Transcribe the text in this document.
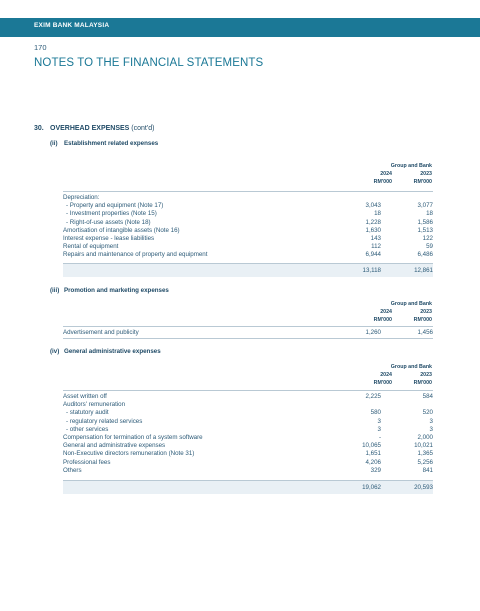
EXIM BANK MALAYSIA
170
NOTES TO THE FINANCIAL STATEMENTS
30. OVERHEAD EXPENSES (cont'd)
(ii) Establishment related expenses
Group and Bank
2024	2023
RM'000	RM'000
Depreciation:
- Property and equipment (Note 17)	3,043	3,077
- Investment properties (Note 15)	18	18
- Right-of-use assets (Note 18)	1,228	1,586
Amortisation of intangible assets (Note 16)	1,630	1,513
Interest expense - lease liabilities	143	122
Rental of equipment	112	59
Repairs and maintenance of property and equipment	6,944	6,486
13,118	12,861
(iii) Promotion and marketing expenses
Group and Bank
2024	2023
RM'000	RM'000
Advertisement and publicity	1,260	1,456
(iv) General administrative expenses
Group and Bank
2024	2023
RM'000	RM'000
Asset written off	2,225	584
Auditors' remuneration
- statutory audit	580	520
- regulatory related services	3	3
- other services	3	3
Compensation for termination of a system software	-	2,000
General and administrative expenses	10,065	10,021
Non-Executive directors remuneration (Note 31)	1,651	1,365
Professional fees	4,206	5,256
Others	329	841
19,062	20,593
